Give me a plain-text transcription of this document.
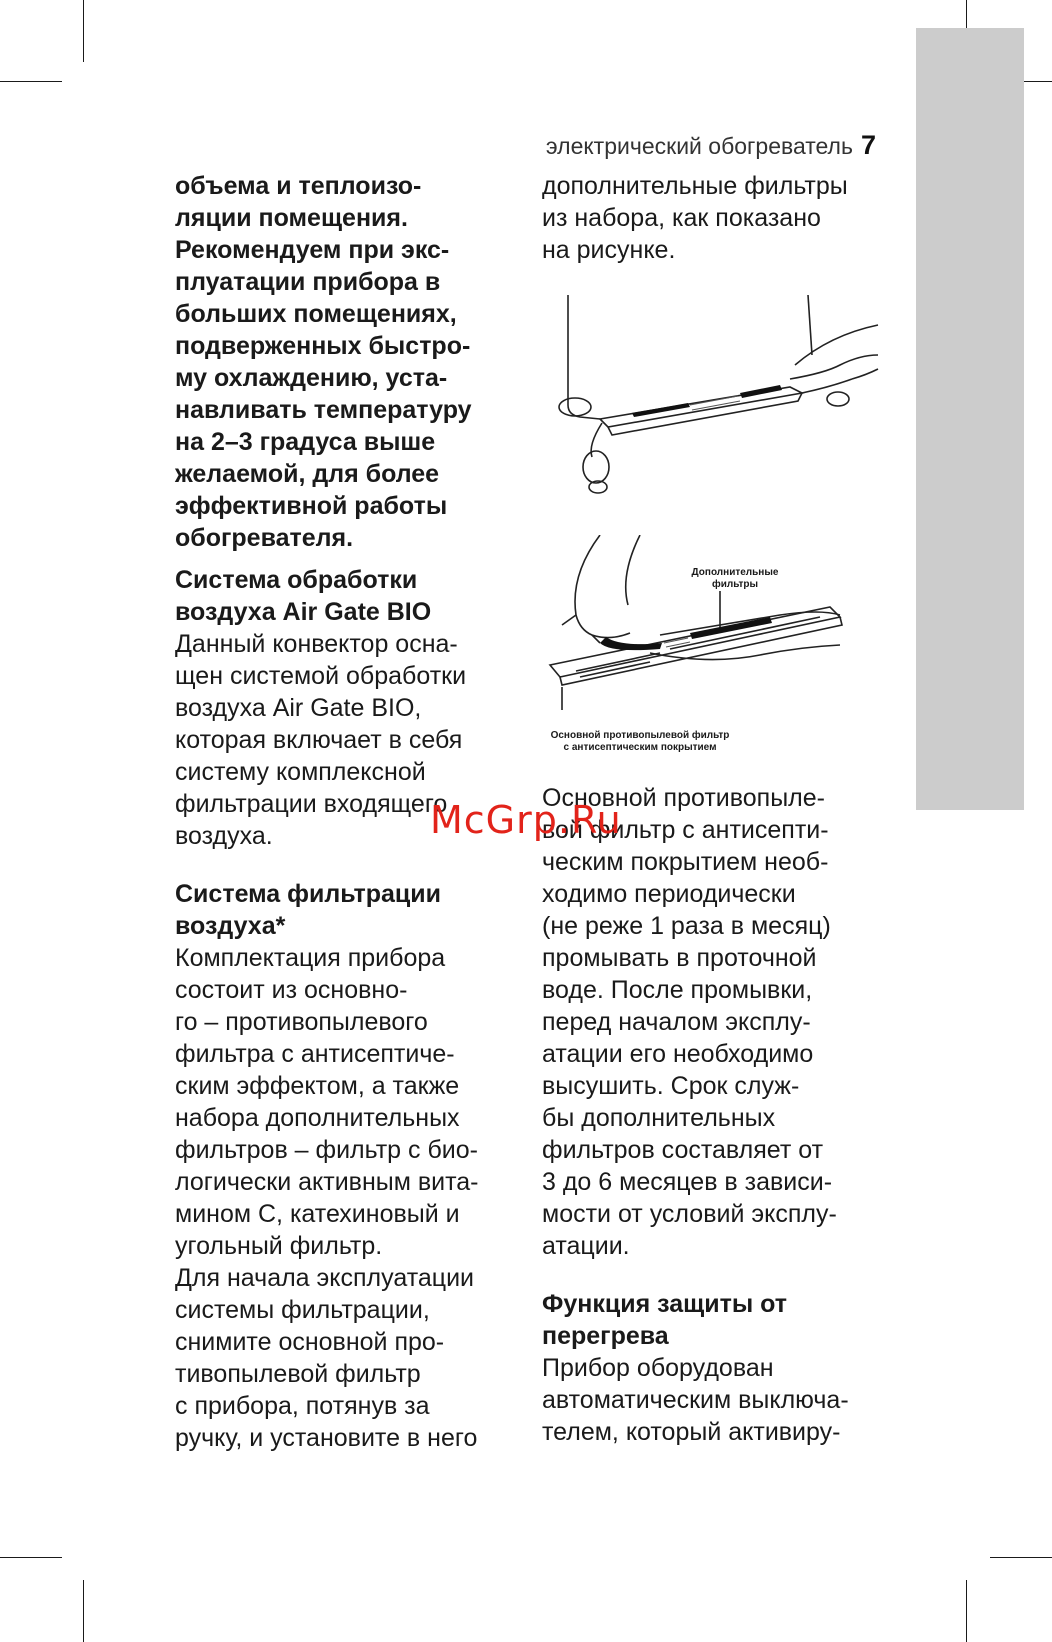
электрический обогреватель 7
объема и теплоизо-
ляции помещения.
Рекомендуем при экс-
плуатации прибора в
больших помещениях,
подверженных быстро-
му охлаждению, уста-
навливать температуру
на 2–3 градуса выше
желаемой, для более
эффективной работы
обогревателя.
Система обработки
воздуха Air Gate BIO
Данный конвектор осна-
щен системой обработки
воздуха Air Gate BIO,
которая включает в себя
систему комплексной
фильтрации входящего
воздуха.
Система фильтрации
воздуха*
Комплектация прибора
состоит из основно-
го – противопылевого
фильтра с антисептиче-
ским эффектом, а также
набора дополнительных
фильтров – фильтр с био-
логически активным вита-
мином С, катехиновый и
угольный фильтр.
Для начала эксплуатации
системы фильтрации,
снимите основной про-
тивопылевой фильтр
с прибора, потянув за
ручку, и установите в него
дополнительные фильтры
из набора, как показано
на рисунке.
Дополнительные
фильтры
Основной противопылевой фильтр
с антисептическим покрытием
Основной противопыле-
вой фильтр с антисепти-
ческим покрытием необ-
ходимо периодически
(не реже 1 раза в месяц)
промывать в проточной
воде. После промывки,
перед началом эксплу-
атации его необходимо
высушить. Срок служ-
бы дополнительных
фильтров составляет от
3 до 6 месяцев в зависи-
мости от условий эксплу-
атации.
Функция защиты от
перегрева
Прибор оборудован
автоматическим выключа-
телем, который активиру-
McGrp.Ru
